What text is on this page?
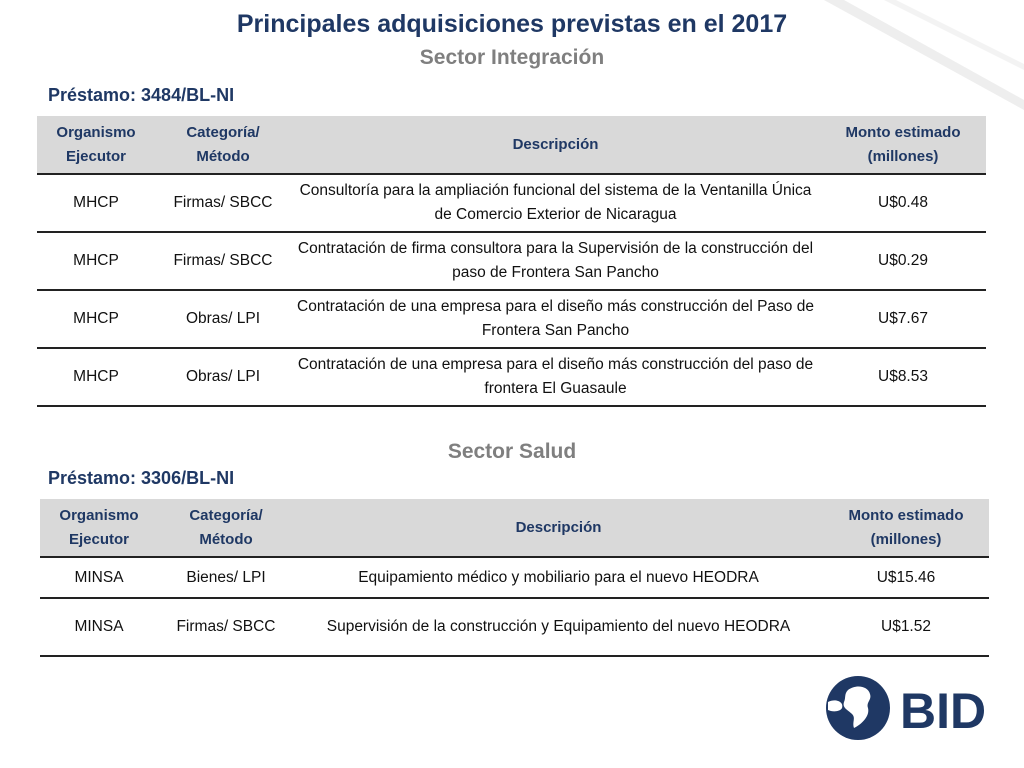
Principales adquisiciones previstas en el 2017
Sector Integración
Préstamo: 3484/BL-NI
Organismo Ejecutor	Categoría/ Método	Descripción	Monto estimado (millones)
MHCP	Firmas/ SBCC	Consultoría para la ampliación funcional del sistema de la Ventanilla Única de Comercio Exterior de Nicaragua	U$0.48
MHCP	Firmas/ SBCC	Contratación de firma consultora para la Supervisión de la construcción del paso de Frontera San Pancho	U$0.29
MHCP	Obras/ LPI	Contratación de una empresa para el diseño más construcción del Paso de Frontera San Pancho	U$7.67
MHCP	Obras/ LPI	Contratación de una empresa para el diseño más construcción del paso de frontera El Guasaule	U$8.53
Sector Salud
Préstamo: 3306/BL-NI
Organismo Ejecutor	Categoría/ Método	Descripción	Monto estimado (millones)
MINSA	Bienes/ LPI	Equipamiento médico y mobiliario para el nuevo HEODRA	U$15.46
MINSA	Firmas/ SBCC	Supervisión de la construcción y Equipamiento del nuevo HEODRA	U$1.52
BID
